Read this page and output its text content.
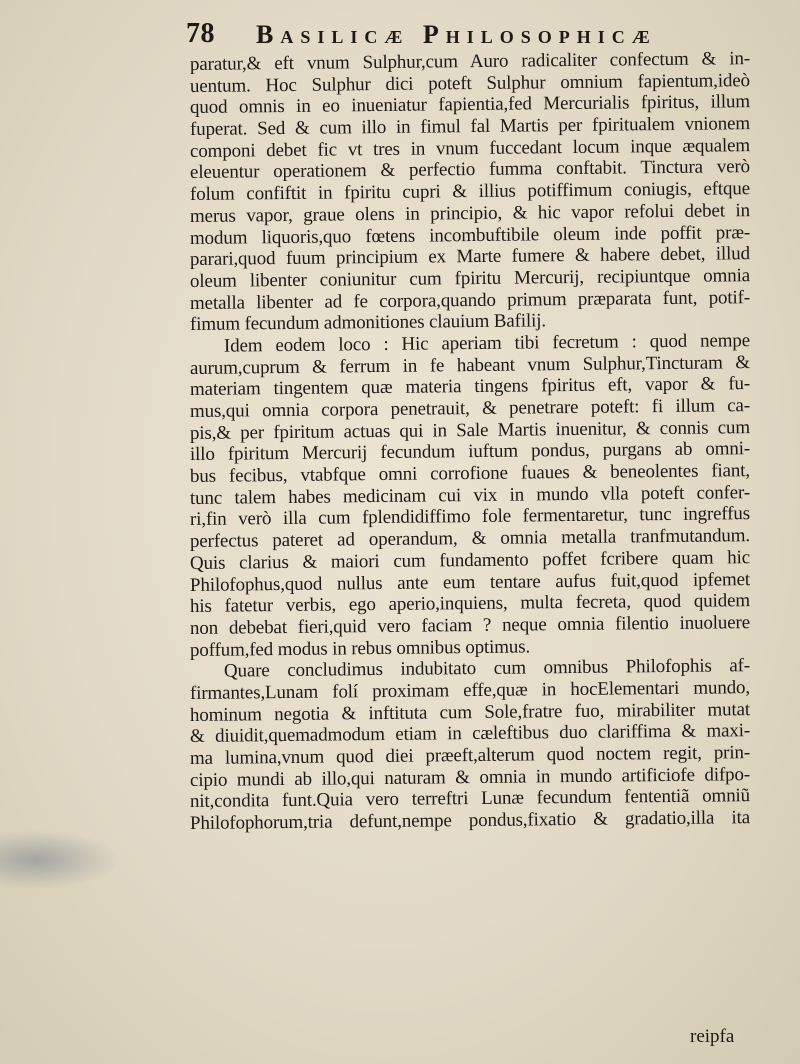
78 Basilicæ Philosophicæ
paratur,& eft vnum Sulphur,cum Auro radicaliter confectum & in-
uentum. Hoc Sulphur dici poteft Sulphur omnium fapientum,ideò
quod omnis in eo inueniatur fapientia,fed Mercurialis fpiritus, illum
fuperat. Sed & cum illo in fimul fal Martis per fpiritualem vnionem
componi debet fic vt tres in vnum fuccedant locum inque æqualem
eleuentur operationem & perfectio fumma conftabit. Tinctura verò
folum confiftit in fpiritu cupri & illius potiffimum coniugis, eftque
merus vapor, graue olens in principio, & hic vapor refolui debet in
modum liquoris,quo fœtens incombuftibile oleum inde poffit præ-
parari,quod fuum principium ex Marte fumere & habere debet, illud
oleum libenter coniunitur cum fpiritu Mercurij, recipiuntque omnia
metalla libenter ad fe corpora,quando primum præparata funt, potif-
fimum fecundum admonitiones clauium Bafilij.
Idem eodem loco : Hic aperiam tibi fecretum : quod nempe
aurum,cuprum & ferrum in fe habeant vnum Sulphur,Tincturam &
materiam tingentem quæ materia tingens fpiritus eft, vapor & fu-
mus,qui omnia corpora penetrauit, & penetrare poteft: fi illum ca-
pis,& per fpiritum actuas qui in Sale Martis inuenitur, & connis cum
illo fpiritum Mercurij fecundum iuftum pondus, purgans ab omni-
bus fecibus, vtabfque omni corrofione fuaues & beneolentes fiant,
tunc talem habes medicinam cui vix in mundo vlla poteft confer-
ri,fin verò illa cum fplendidiffimo fole fermentaretur, tunc ingreffus
perfectus pateret ad operandum, & omnia metalla tranfmutandum.
Quis clarius & maiori cum fundamento poffet fcribere quam hic
Philofophus,quod nullus ante eum tentare aufus fuit,quod ipfemet
his fatetur verbis, ego aperio,inquiens, multa fecreta, quod quidem
non debebat fieri,quid vero faciam ? neque omnia filentio inuoluere
poffum,fed modus in rebus omnibus optimus.
Quare concludimus indubitato cum omnibus Philofophis af-
firmantes,Lunam folí proximam effe,quæ in hocElementari mundo,
hominum negotia & inftituta cum Sole,fratre fuo, mirabiliter mutat
& diuidit,quemadmodum etiam in cæleftibus duo clariffima & maxi-
ma lumina,vnum quod diei præeft,alterum quod noctem regit, prin-
cipio mundi ab illo,qui naturam & omnia in mundo artificiofe difpo-
nit,condita funt.Quia vero terreftri Lunæ fecundum fententiã omniũ
Philofophorum,tria defunt,nempe pondus,fixatio & gradatio,illa ita
reipfa
